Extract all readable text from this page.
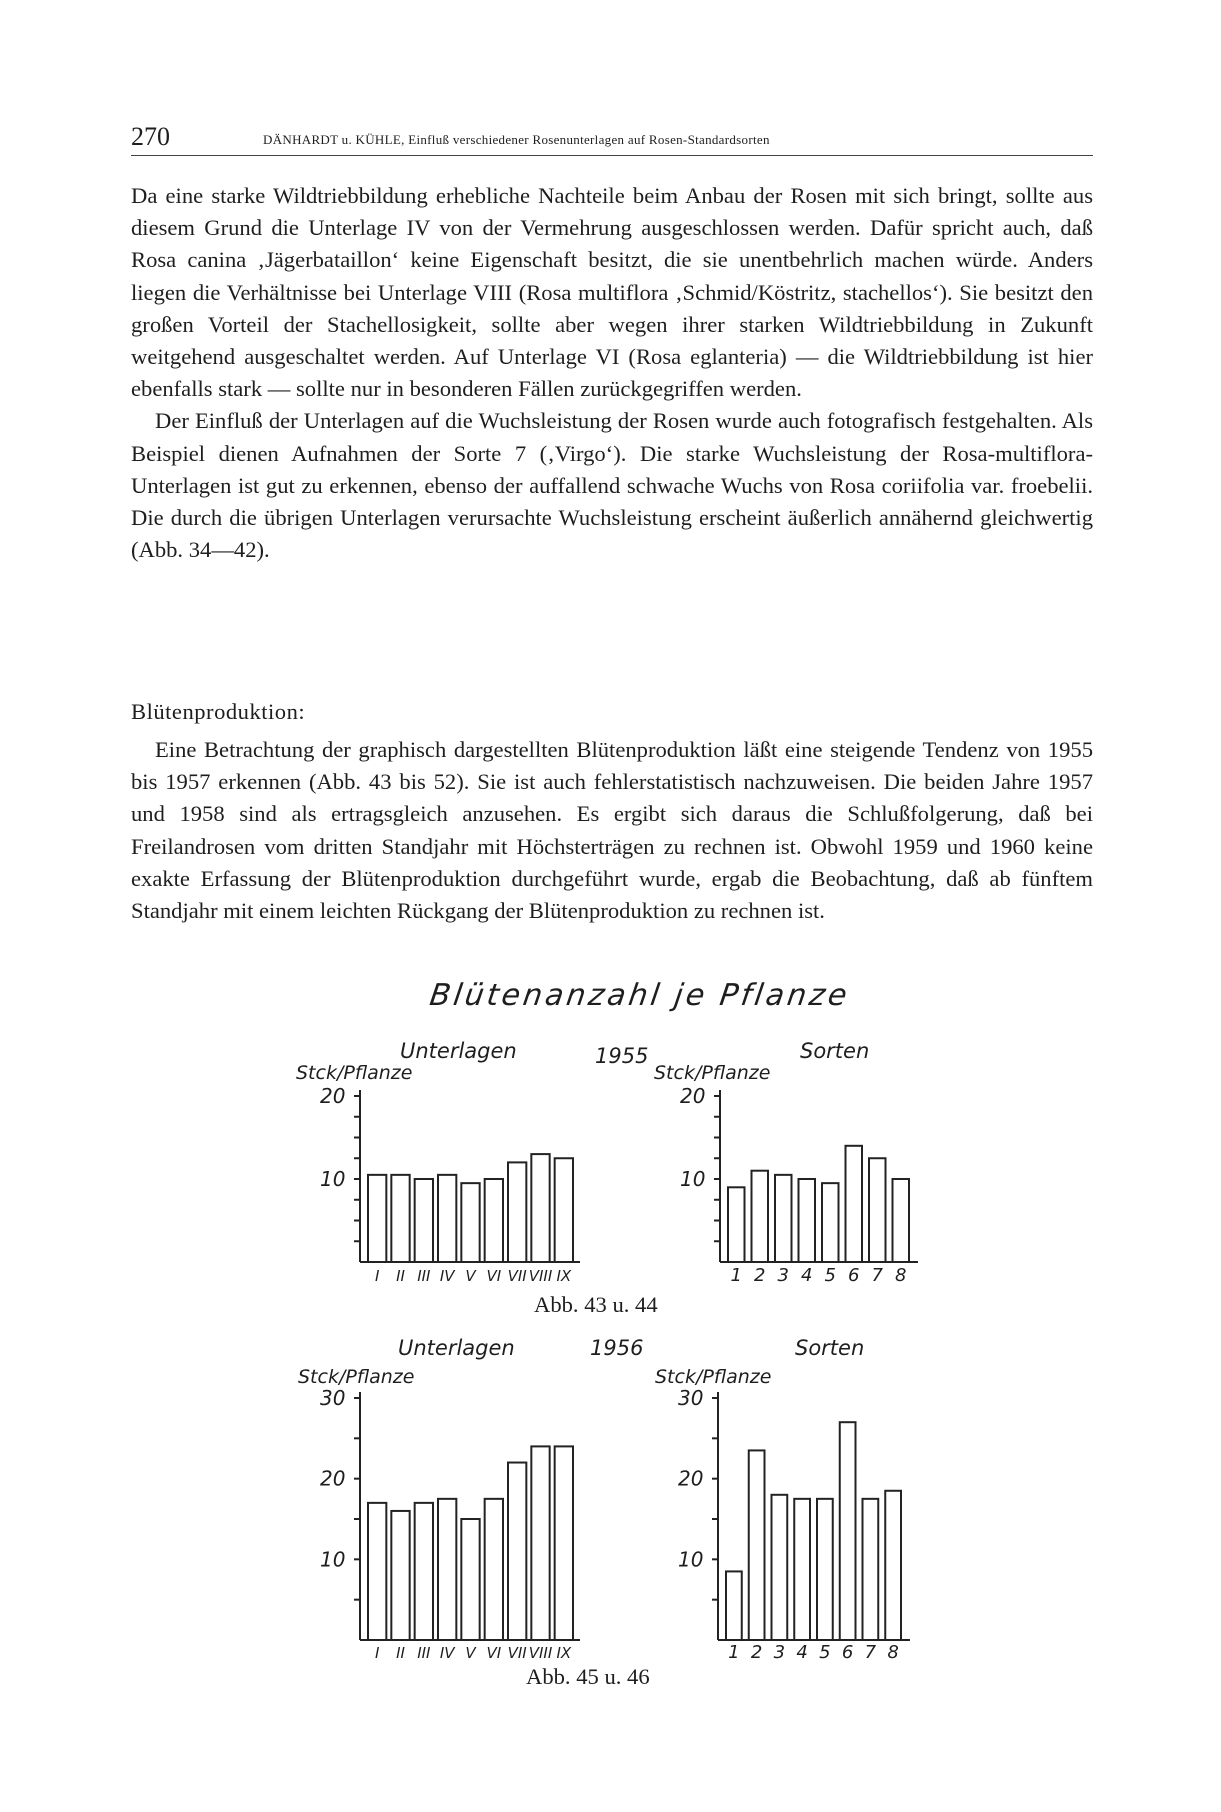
270	DÄNHARDT u. KÜHLE, Einfluß verschiedener Rosenunterlagen auf Rosen-Standardsorten

Da eine starke Wildtriebbildung erhebliche Nachteile beim Anbau der Rosen mit sich bringt, sollte aus diesem Grund die Unterlage IV von der Vermehrung ausgeschlossen werden. Dafür spricht auch, daß Rosa canina ‚Jägerbataillon‘ keine Eigenschaft besitzt, die sie unentbehrlich machen würde. Anders liegen die Verhältnisse bei Unterlage VIII (Rosa multiflora ‚Schmid/Köstritz, stachellos‘). Sie besitzt den großen Vorteil der Stachellosigkeit, sollte aber wegen ihrer starken Wildtriebbildung in Zukunft weitgehend ausgeschaltet werden. Auf Unterlage VI (Rosa eglanteria) — die Wildtriebbildung ist hier ebenfalls stark — sollte nur in besonderen Fällen zurückgegriffen werden.

Der Einfluß der Unterlagen auf die Wuchsleistung der Rosen wurde auch fotografisch festgehalten. Als Beispiel dienen Aufnahmen der Sorte 7 (‚Virgo‘). Die starke Wuchsleistung der Rosa-multiflora-Unterlagen ist gut zu erkennen, ebenso der auffallend schwache Wuchs von Rosa coriifolia var. froebelii. Die durch die übrigen Unterlagen verursachte Wuchsleistung erscheint äußerlich annähernd gleichwertig (Abb. 34—42).

Blütenproduktion:

Eine Betrachtung der graphisch dargestellten Blütenproduktion läßt eine steigende Tendenz von 1955 bis 1957 erkennen (Abb. 43 bis 52). Sie ist auch fehlerstatistisch nachzuweisen. Die beiden Jahre 1957 und 1958 sind als ertragsgleich anzusehen. Es ergibt sich daraus die Schlußfolgerung, daß bei Freilandrosen vom dritten Standjahr mit Höchsterträgen zu rechnen ist. Obwohl 1959 und 1960 keine exakte Erfassung der Blütenproduktion durchgeführt wurde, ergab die Beobachtung, daß ab fünftem Standjahr mit einem leichten Rückgang der Blütenproduktion zu rechnen ist.

Blütenanzahl je Pflanze
20
10
I II III IV V VI VII VIII IX
Unterlagen
Stck/Pflanze
1955
20
10
1 2 3 4 5 6 7 8
Sorten
Stck/Pflanze
30
20
10
I II III IV V VI VII VIII IX
Unterlagen
Stck/Pflanze
1956
30
20
10
1 2 3 4 5 6 7 8
Sorten
Stck/Pflanze
Abb. 43 u. 44
Abb. 45 u. 46
